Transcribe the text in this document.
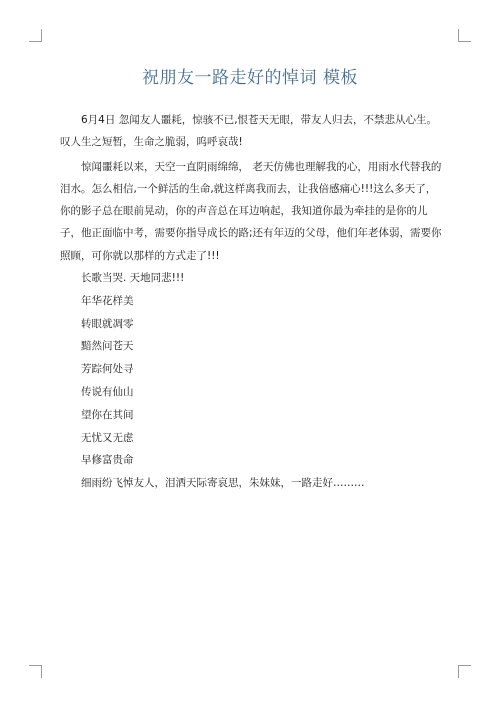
祝朋友一路走好的悼词 模板

6月4日 忽闻友人噩耗，惊骇不已,恨苍天无眼，带友人归去，不禁悲从心生。叹人生之短暂，生命之脆弱，呜呼哀哉!

惊闻噩耗以来，天空一直阴雨绵绵， 老天仿佛也理解我的心，用雨水代替我的泪水。怎么相信,一个鲜活的生命,就这样离我而去，让我倍感痛心!!!这么多天了，你的影子总在眼前晃动，你的声音总在耳边响起，我知道你最为牵挂的是你的儿子，他正面临中考，需要你指导成长的路;还有年迈的父母，他们年老体弱，需要你照顾，可你就以那样的方式走了!!!

长歌当哭. 天地同悲!!!

年华花样美

转眼就凋零

黯然问苍天

芳踪何处寻

传说有仙山

望你在其间

无忧又无虑

早修富贵命

细雨纷飞悼友人，泪洒天际寄哀思，朱妹妹，一路走好………
